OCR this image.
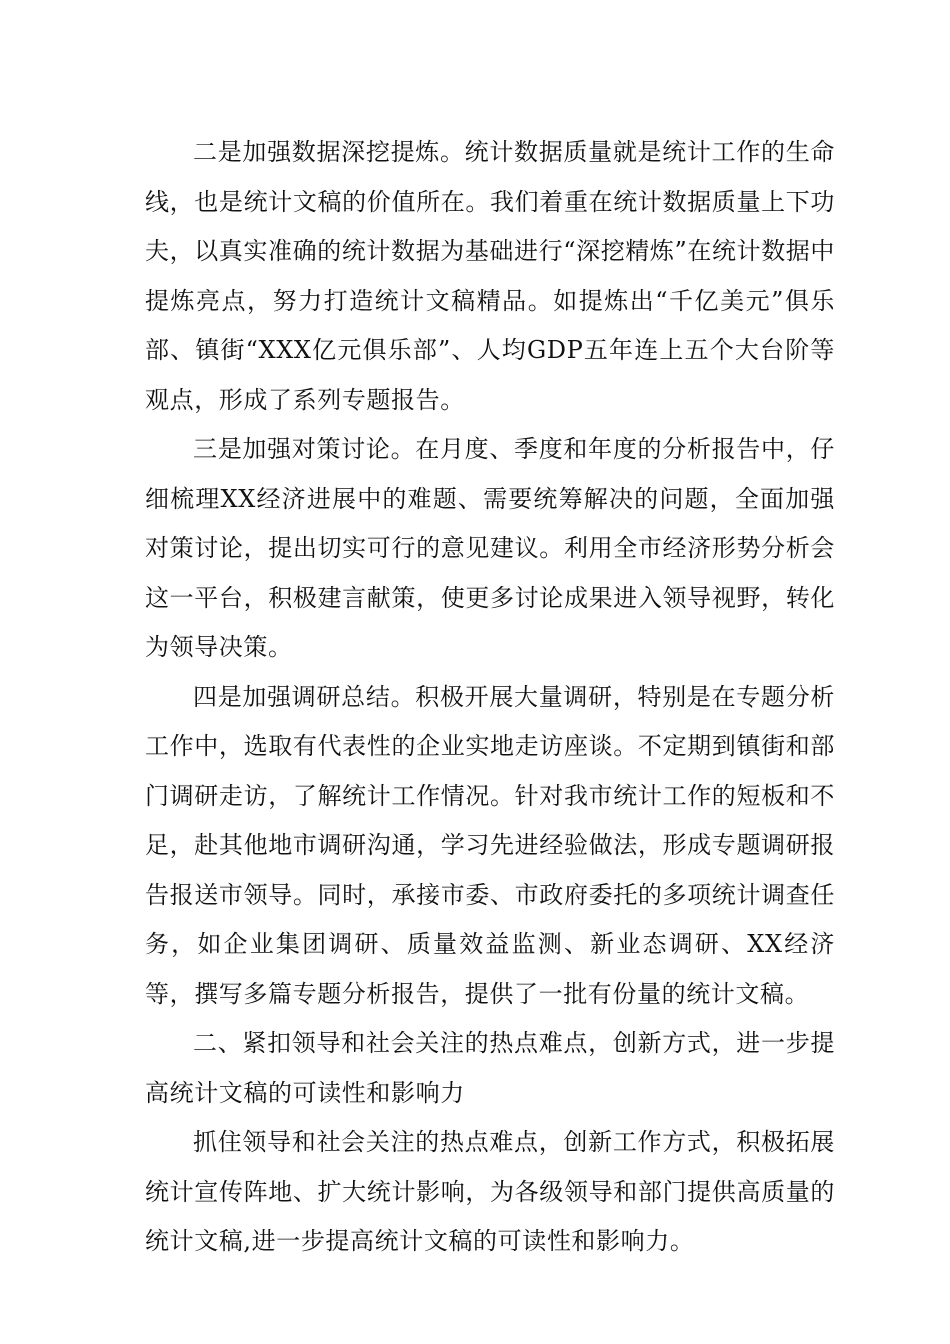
二是加强数据深挖提炼。统计数据质量就是统计工作的生命线，也是统计文稿的价值所在。我们着重在统计数据质量上下功夫，以真实准确的统计数据为基础进行“深挖精炼”在统计数据中提炼亮点，努力打造统计文稿精品。如提炼出“千亿美元”俱乐部、镇街“XXX亿元俱乐部”、人均GDP五年连上五个大台阶等观点，形成了系列专题报告。

三是加强对策讨论。在月度、季度和年度的分析报告中，仔细梳理XX经济进展中的难题、需要统筹解决的问题，全面加强对策讨论，提出切实可行的意见建议。利用全市经济形势分析会这一平台，积极建言献策，使更多讨论成果进入领导视野，转化为领导决策。

四是加强调研总结。积极开展大量调研，特别是在专题分析工作中，选取有代表性的企业实地走访座谈。不定期到镇街和部门调研走访，了解统计工作情况。针对我市统计工作的短板和不足，赴其他地市调研沟通，学习先进经验做法，形成专题调研报告报送市领导。同时，承接市委、市政府委托的多项统计调查任务，如企业集团调研、质量效益监测、新业态调研、XX经济等，撰写多篇专题分析报告，提供了一批有份量的统计文稿。

二、紧扣领导和社会关注的热点难点，创新方式，进一步提高统计文稿的可读性和影响力

抓住领导和社会关注的热点难点，创新工作方式，积极拓展统计宣传阵地、扩大统计影响，为各级领导和部门提供高质量的统计文稿,进一步提高统计文稿的可读性和影响力。
